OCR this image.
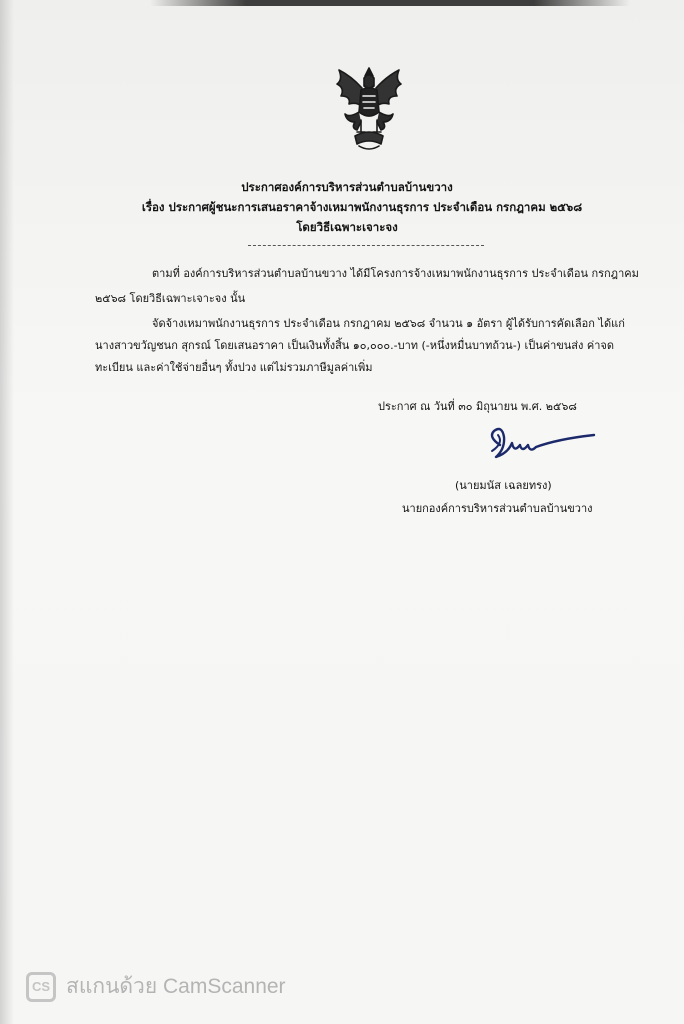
ประกาศองค์การบริหารส่วนตำบลบ้านขวาง
เรื่อง ประกาศผู้ชนะการเสนอราคาจ้างเหมาพนักงานธุรการ ประจำเดือน กรกฎาคม ๒๕๖๘
โดยวิธีเฉพาะเจาะจง
ตามที่ องค์การบริหารส่วนตำบลบ้านขวาง ได้มีโครงการจ้างเหมาพนักงานธุรการ ประจำเดือน กรกฎาคม
๒๕๖๘ โดยวิธีเฉพาะเจาะจง นั้น
จัดจ้างเหมาพนักงานธุรการ ประจำเดือน กรกฎาคม ๒๕๖๘ จำนวน ๑ อัตรา ผู้ได้รับการคัดเลือก ได้แก่
นางสาวขวัญชนก สุกรณ์ โดยเสนอราคา เป็นเงินทั้งสิ้น ๑๐,๐๐๐.-บาท (-หนึ่งหมื่นบาทถ้วน-) เป็นค่าขนส่ง ค่าจด
ทะเบียน และค่าใช้จ่ายอื่นๆ ทั้งปวง แต่ไม่รวมภาษีมูลค่าเพิ่ม
ประกาศ ณ วันที่ ๓๐ มิถุนายน พ.ศ. ๒๕๖๘
(นายมนัส เฉลยทรง)
นายกองค์การบริหารส่วนตำบลบ้านขวาง
CS สแกนด้วย CamScanner
